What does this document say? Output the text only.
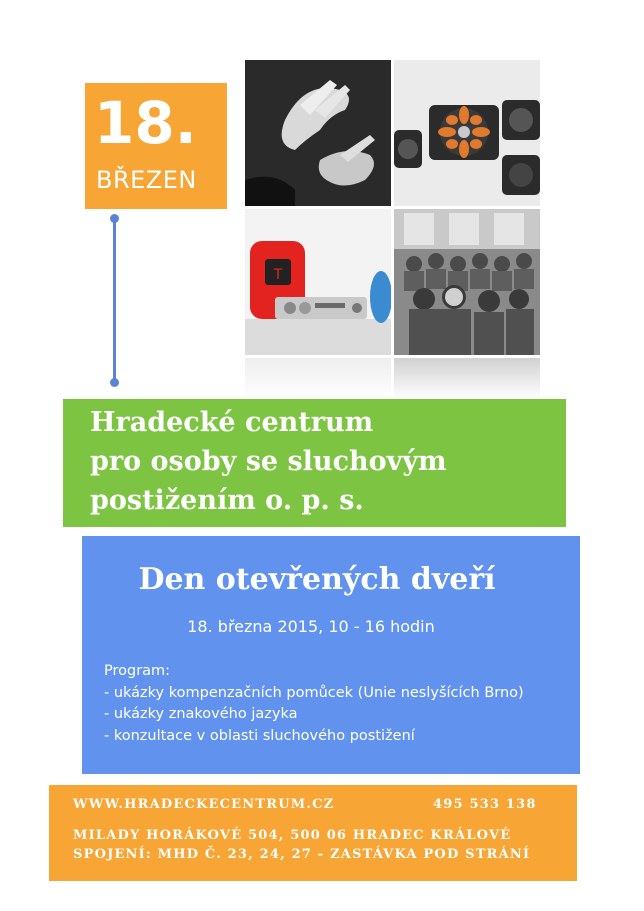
18.
BŘEZEN
T
Hradecké centrum
pro osoby se sluchovým
postižením o. p. s.
Den otevřených dveří
18. března 2015, 10 - 16 hodin
Program:
- ukázky kompenzačních pomůcek (Unie neslyšících Brno)
- ukázky znakového jazyka
- konzultace v oblasti sluchového postižení
WWW.HRADECKECENTRUM.CZ	495 533 138
MILADY HORÁKOVÉ 504, 500 06 HRADEC KRÁLOVÉ
SPOJENÍ: MHD Č. 23, 24, 27 - ZASTÁVKA POD STRÁNÍ
